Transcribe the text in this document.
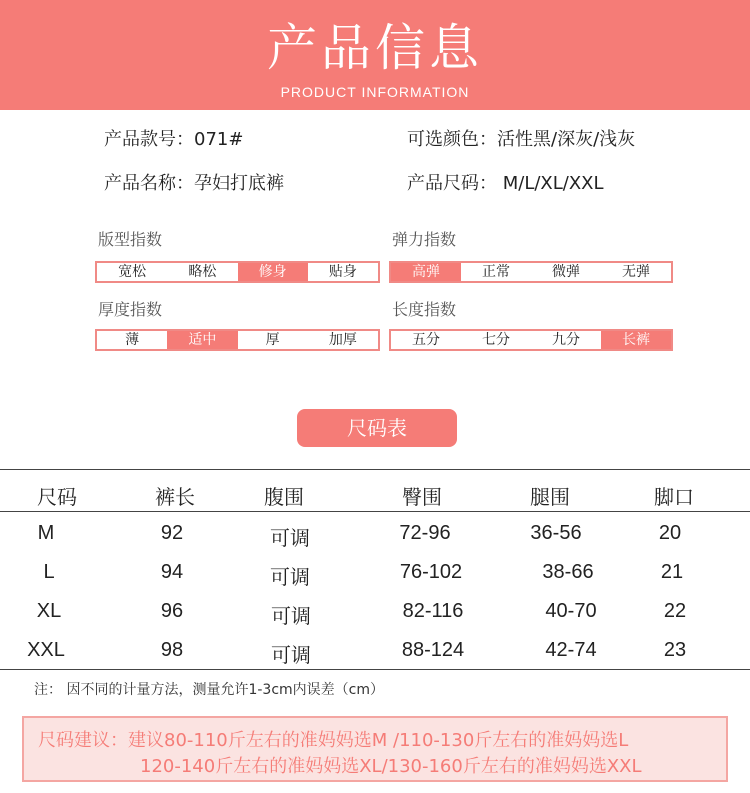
产品信息
PRODUCT INFORMATION
产品款号：071#	可选颜色：活性黑/深灰/浅灰
产品名称：孕妇打底裤	产品尺码： M/L/XL/XXL
版型指数	弹力指数
宽松	略松	修身	贴身	高弹	正常	微弹	无弹
厚度指数	长度指数
薄	适中	厚	加厚	五分	七分	九分	长裤
尺码表
尺码	裤长	腹围	臀围	腿围	脚口
M	92	可调	72-96	36-56	20
L	94	可调	76-102	38-66	21
XL	96	可调	82-116	40-70	22
XXL	98	可调	88-124	42-74	23
注： 因不同的计量方法，测量允许1-3cm内误差（cm）
尺码建议：建议80-110斤左右的准妈妈选M /110-130斤左右的准妈妈选L
120-140斤左右的准妈妈选XL/130-160斤左右的准妈妈选XXL
